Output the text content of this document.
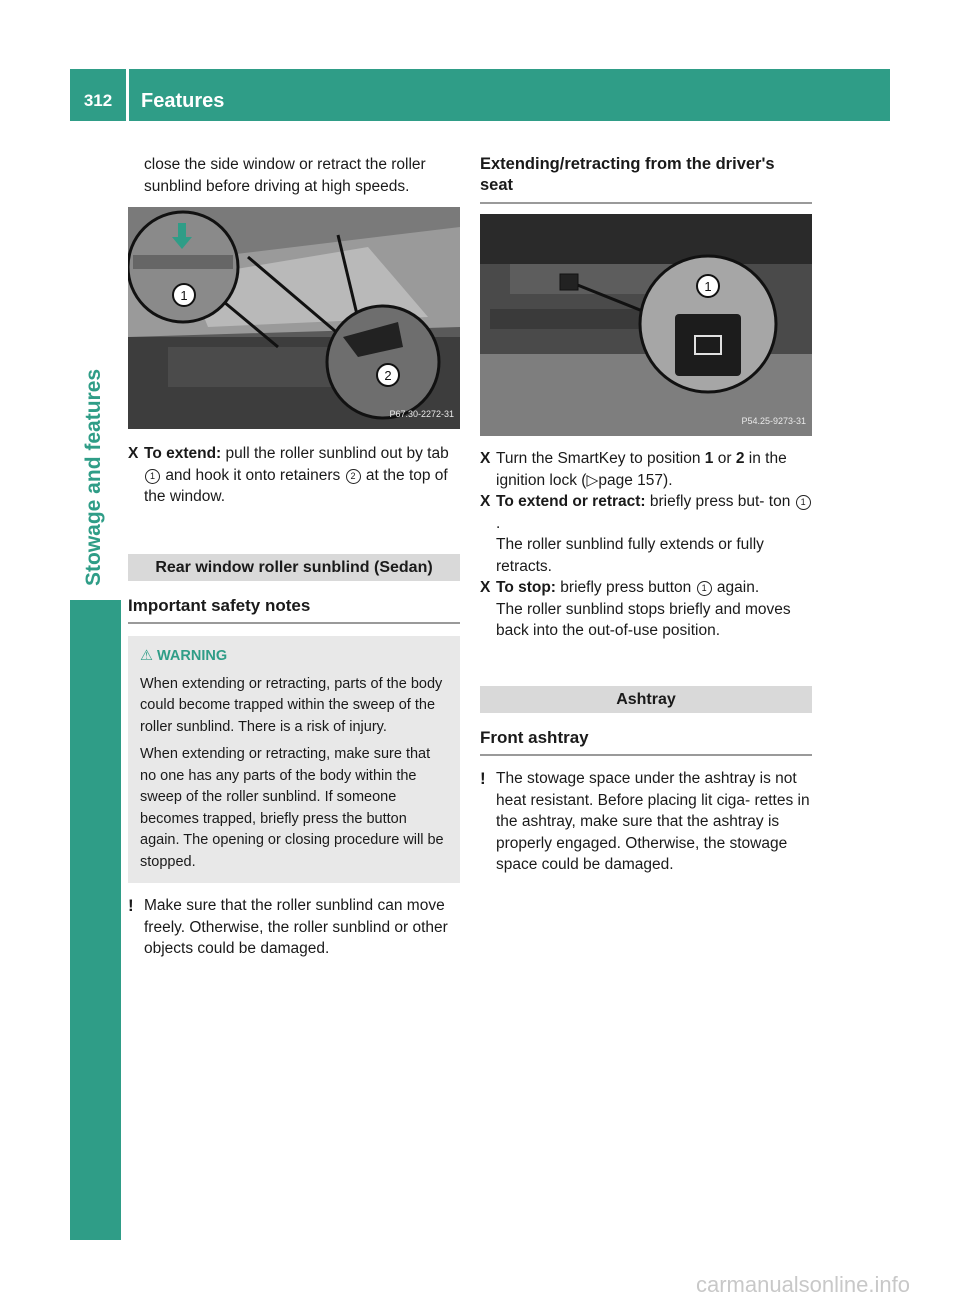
312	Features
Stowage and features

close the side window or retract the roller sunblind before driving at high speeds.

1
2
P67.30-2272-31
X To extend: pull the roller sunblind out by tab 1 and hook it onto retainers 2 at the top of the window.
Rear window roller sunblind (Sedan)
Important safety notes
⚠ WARNING

When extending or retracting, parts of the body could become trapped within the sweep of the roller sunblind. There is a risk of injury.

When extending or retracting, make sure that no one has any parts of the body within the sweep of the roller sunblind. If someone becomes trapped, briefly press the button again. The opening or closing procedure will be stopped.

! Make sure that the roller sunblind can move freely. Otherwise, the roller sunblind or other objects could be damaged.
Extending/retracting from the driver's seat
1
P54.25-9273-31
X Turn the SmartKey to position 1 or 2 in the ignition lock (▷page 157).
X To extend or retract: briefly press but- ton 1.
The roller sunblind fully extends or fully retracts.
X To stop: briefly press button 1 again.
The roller sunblind stops briefly and moves back into the out-of-use position.
Ashtray
Front ashtray
! The stowage space under the ashtray is not heat resistant. Before placing lit ciga- rettes in the ashtray, make sure that the ashtray is properly engaged. Otherwise, the stowage space could be damaged.
carmanualsonline.info
